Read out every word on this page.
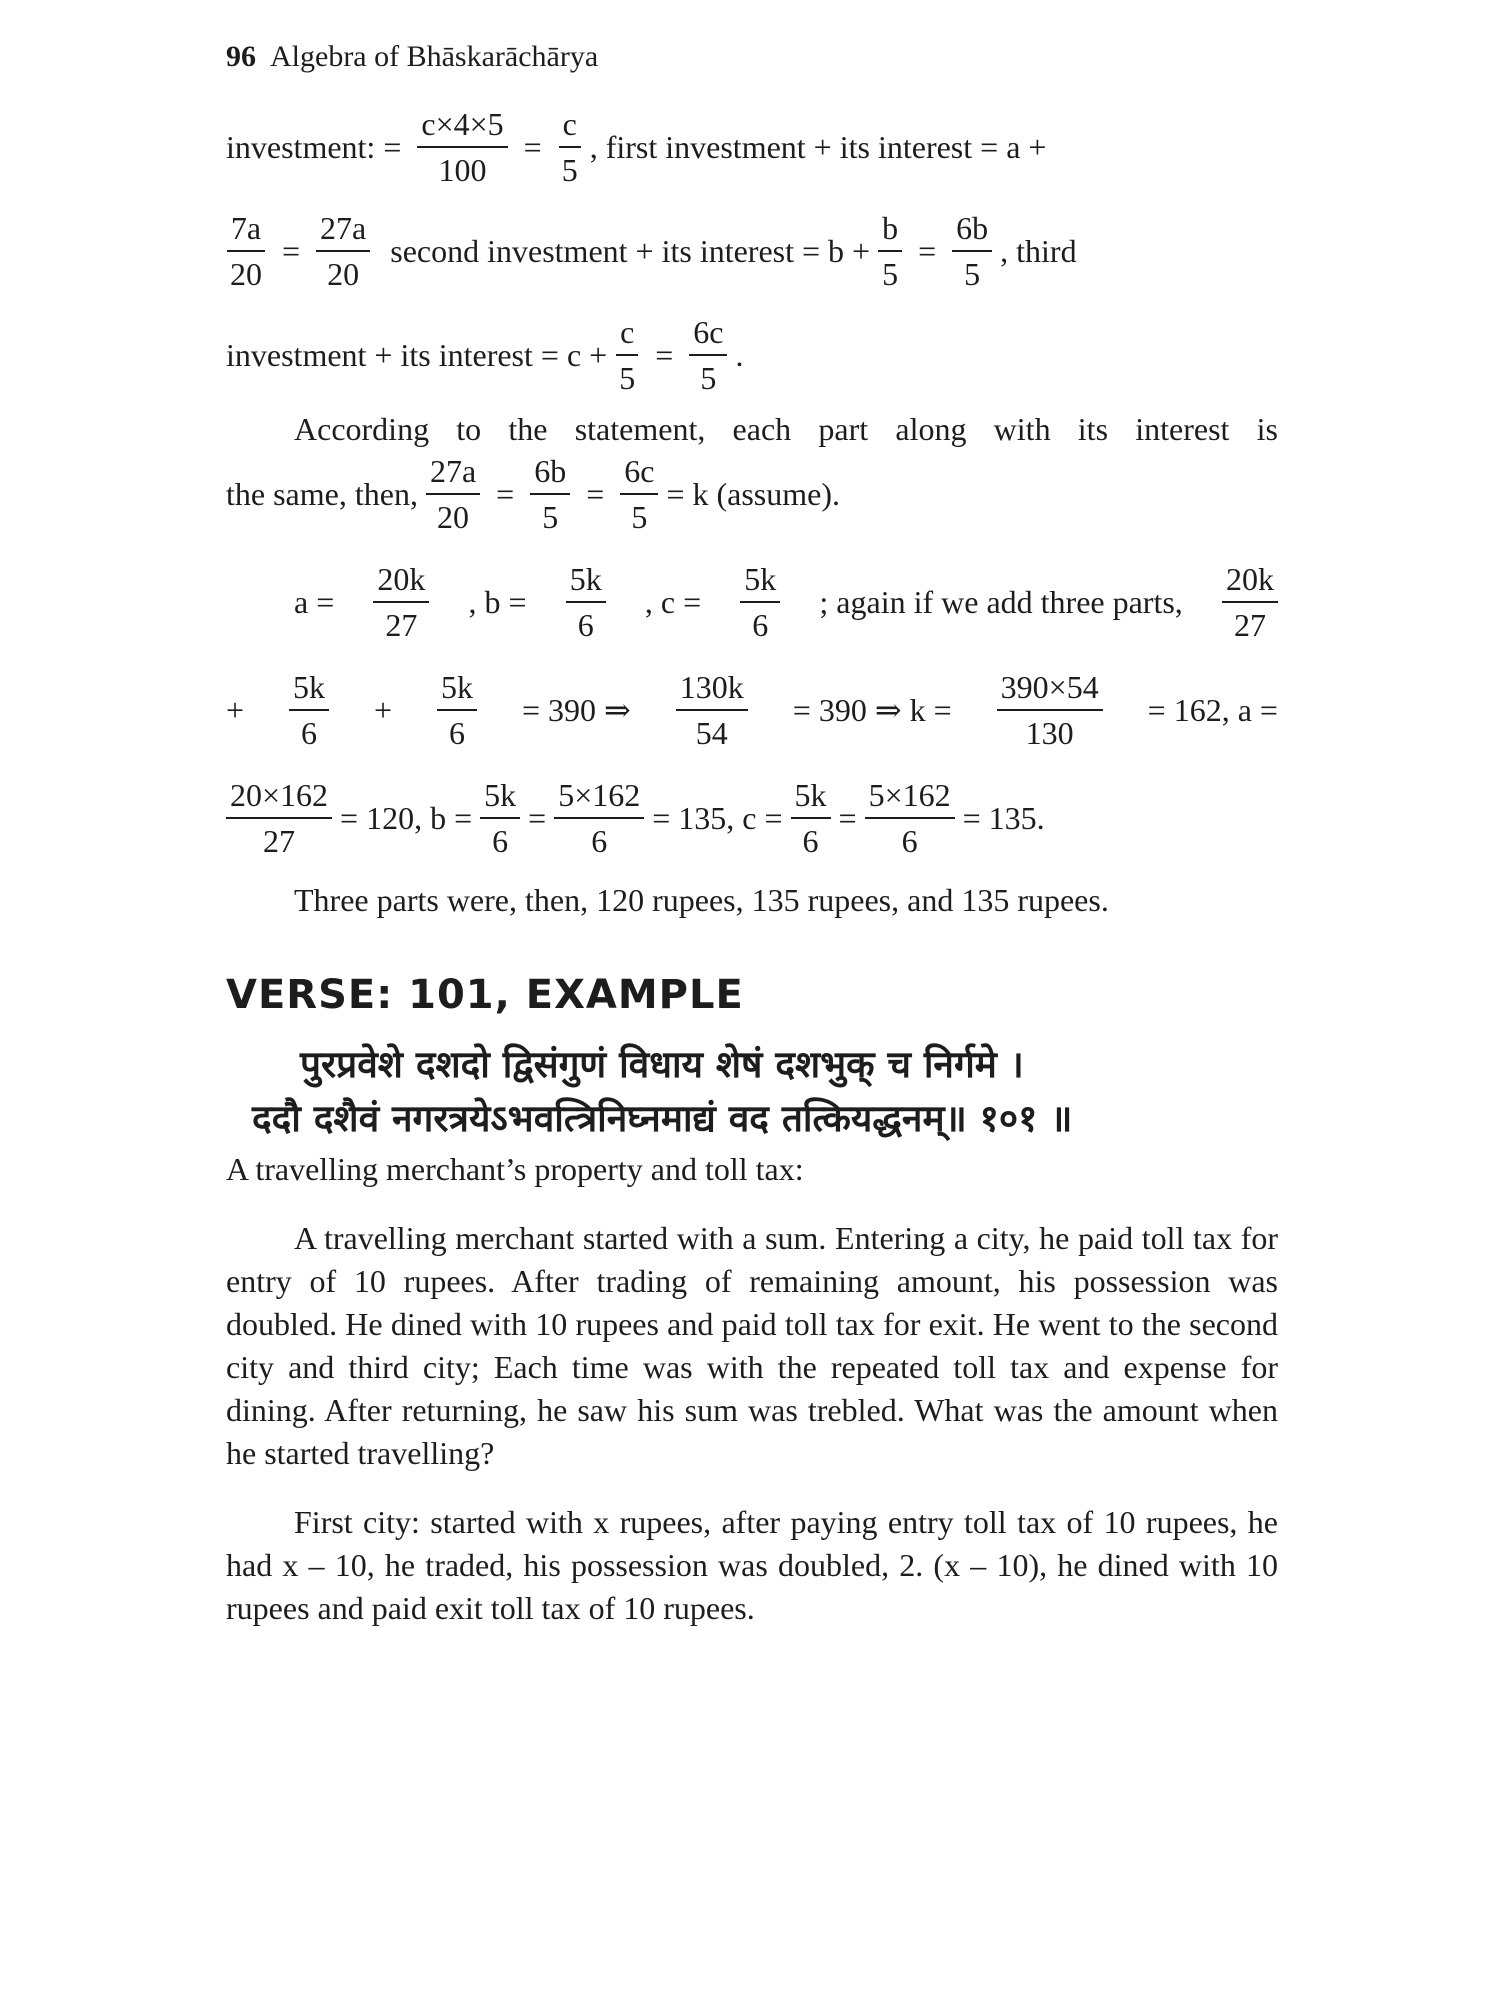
96 Algebra of Bhāskarāchārya
investment: = $\frac{c\times 4\times 5}{100} = \frac{c}{5}$ , first investment + its interest = a +
$\frac{7a}{20} = \frac{27a}{20}$ second investment + its interest = $b + \frac{b}{5} = \frac{6b}{5}$ , third
investment + its interest = $c + \frac{c}{5} = \frac{6c}{5}$ .
According to the statement, each part along with its interest is
the same, then, $\frac{27a}{20} = \frac{6b}{5} = \frac{6c}{5} = k$ (assume).
$a = \frac{20k}{27}$ , $b = \frac{5k}{6}$ , $c = \frac{5k}{6}$ ; again if we add three parts, $\frac{20k}{27}$
+ $\frac{5k}{6} + \frac{5k}{6} = 390$ ⇒ $\frac{130k}{54} = 390$ ⇒ $k = \frac{390\times 54}{130} = 162$, a =
$\frac{20\times 162}{27} = 120$, $b = \frac{5k}{6} = \frac{5\times 162}{6} = 135$, $c = \frac{5k}{6} = \frac{5\times 162}{6} = 135$.
Three parts were, then, 120 rupees, 135 rupees, and 135 rupees.
VERSE: 101, EXAMPLE
पुरप्रवेशे दशदो द्विसंगुणं विधाय शेषं दशभुक् च निर्गमे ।
ददौ दशैवं नगरत्रयेऽभवत्त्रिनिघ्नमाद्यं वद तत्कियद्धनम्॥ १०१ ॥
A travelling merchant’s property and toll tax:
A travelling merchant started with a sum. Entering a city, he paid toll tax for entry of 10 rupees. After trading of remaining amount, his possession was doubled. He dined with 10 rupees and paid toll tax for exit. He went to the second city and third city; Each time was with the repeated toll tax and expense for dining. After returning, he saw his sum was trebled. What was the amount when he started travelling?
First city: started with x rupees, after paying entry toll tax of 10 rupees, he had x – 10, he traded, his possession was doubled, 2. (x – 10), he dined with 10 rupees and paid exit toll tax of 10 rupees.
